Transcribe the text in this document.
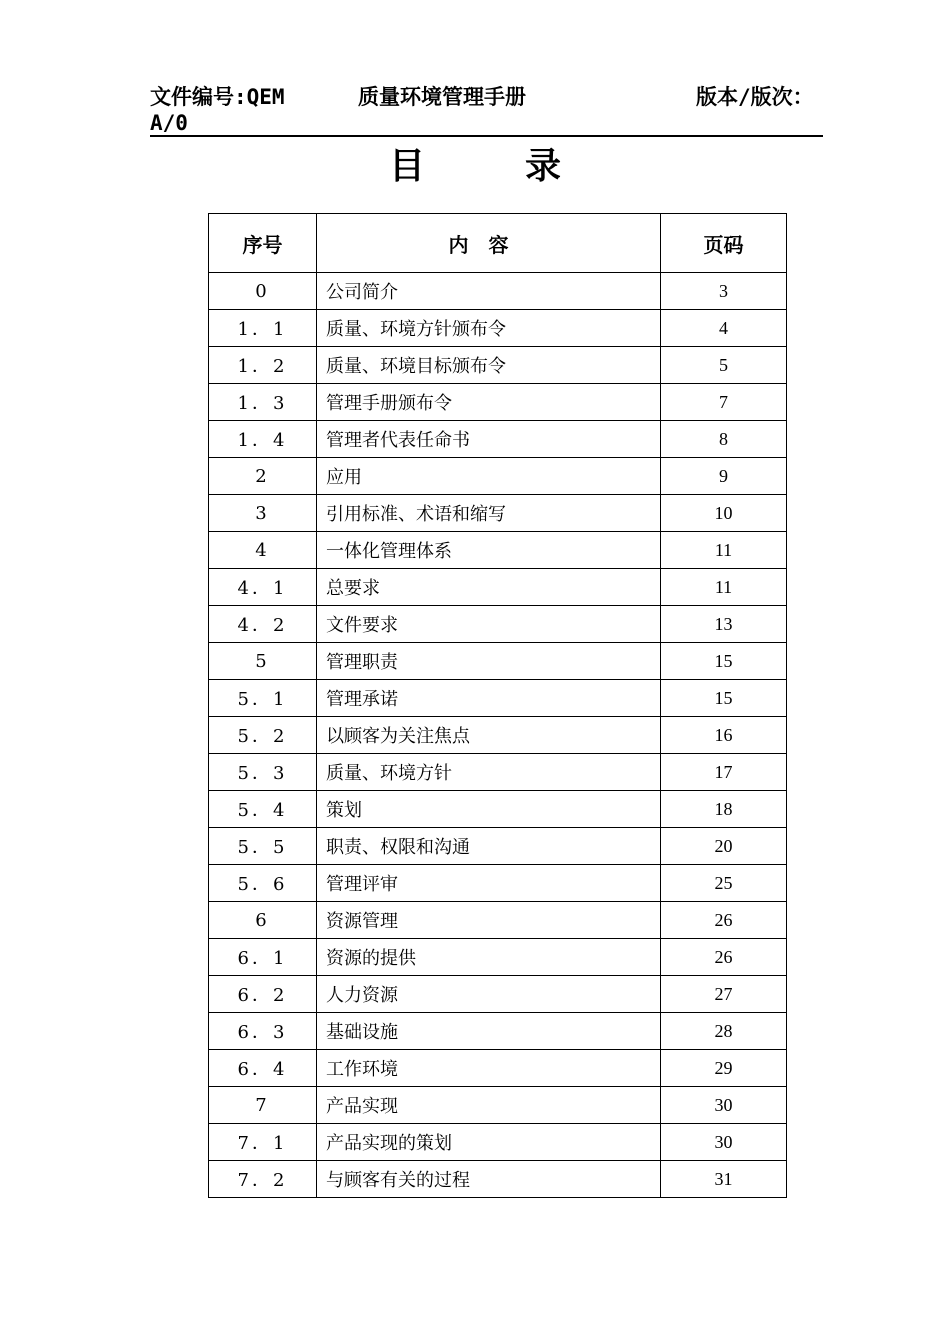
文件编号:QEM
A/0
质量环境管理手册	版本/版次：
目录
序号	内容	页码
0	公司简介	3
1．1	质量、环境方针颁布令	4
1．2	质量、环境目标颁布令	5
1．3	管理手册颁布令	7
1．4	管理者代表任命书	8
2	应用	9
3	引用标准、术语和缩写	10
4	一体化管理体系	11
4．1	总要求	11
4．2	文件要求	13
5	管理职责	15
5．1	管理承诺	15
5．2	以顾客为关注焦点	16
5．3	质量、环境方针	17
5．4	策划	18
5．5	职责、权限和沟通	20
5．6	管理评审	25
6	资源管理	26
6．1	资源的提供	26
6．2	人力资源	27
6．3	基础设施	28
6．4	工作环境	29
7	产品实现	30
7．1	产品实现的策划	30
7．2	与顾客有关的过程	31
